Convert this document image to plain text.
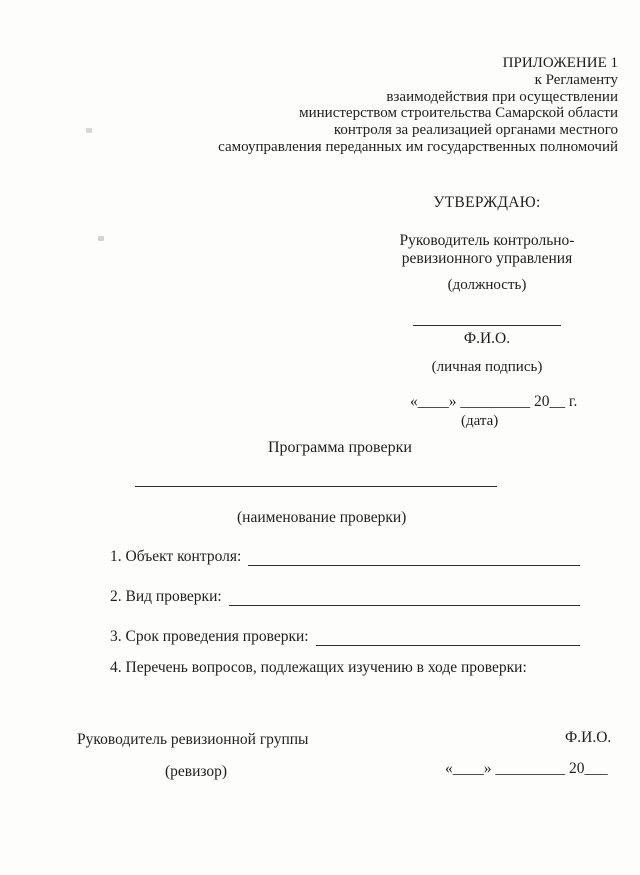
ПРИЛОЖЕНИЕ 1
к Регламенту
взаимодействия при осуществлении
министерством строительства Самарской области
контроля за реализацией органами местного
самоуправления переданных им государственных полномочий
УТВЕРЖДАЮ:
Руководитель контрольно-
ревизионного управления
(должность)
Ф.И.О.
(личная подпись)
«____» _________ 20__ г.
(дата)
Программа проверки
(наименование проверки)
1. Объект контроля:
2. Вид проверки:
3. Срок проведения проверки:
4. Перечень вопросов, подлежащих изучению в ходе проверки:
Руководитель ревизионной группы	Ф.И.О.
(ревизор)	«____» _________ 20___
